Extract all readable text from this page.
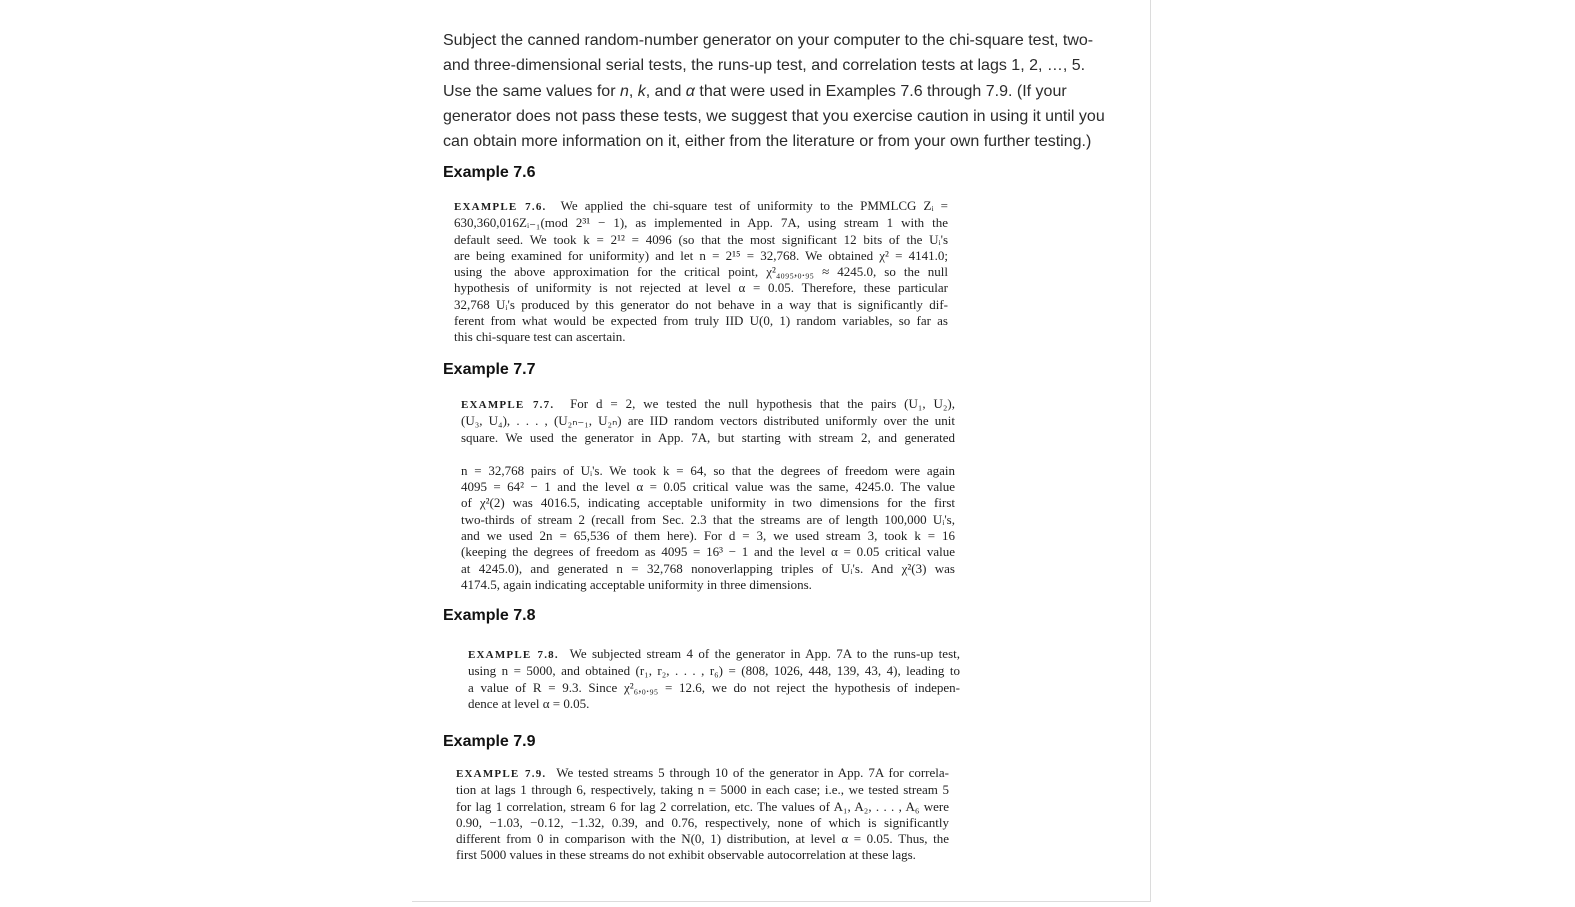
Subject the canned random-number generator on your computer to the chi-square test, two-and three-dimensional serial tests, the runs-up test, and correlation tests at lags 1, 2, …, 5. Use the same values for n, k, and α that were used in Examples 7.6 through 7.9. (If your generator does not pass these tests, we suggest that you exercise caution in using it until you can obtain more information on it, either from the literature or from your own further testing.)

Example 7.6
EXAMPLE 7.6. We applied the chi-square test of uniformity to the PMMLCG Zᵢ =
630,360,016Zᵢ₋₁(mod 2³¹ − 1), as implemented in App. 7A, using stream 1 with the
default seed. We took k = 2¹² = 4096 (so that the most significant 12 bits of the Uᵢ's
are being examined for uniformity) and let n = 2¹⁵ = 32,768. We obtained χ² = 4141.0;
using the above approximation for the critical point, χ²₄₀₉₅,₀.₉₅ ≈ 4245.0, so the null
hypothesis of uniformity is not rejected at level α = 0.05. Therefore, these particular
32,768 Uᵢ's produced by this generator do not behave in a way that is significantly dif-
ferent from what would be expected from truly IID U(0, 1) random variables, so far as
this chi-square test can ascertain.
Example 7.7
EXAMPLE 7.7. For d = 2, we tested the null hypothesis that the pairs (U₁, U₂),
(U₃, U₄), . . . , (U₂ₙ₋₁, U₂ₙ) are IID random vectors distributed uniformly over the unit
square. We used the generator in App. 7A, but starting with stream 2, and generated
n = 32,768 pairs of Uᵢ's. We took k = 64, so that the degrees of freedom were again
4095 = 64² − 1 and the level α = 0.05 critical value was the same, 4245.0. The value
of χ²(2) was 4016.5, indicating acceptable uniformity in two dimensions for the first
two-thirds of stream 2 (recall from Sec. 2.3 that the streams are of length 100,000 Uᵢ's,
and we used 2n = 65,536 of them here). For d = 3, we used stream 3, took k = 16
(keeping the degrees of freedom as 4095 = 16³ − 1 and the level α = 0.05 critical value
at 4245.0), and generated n = 32,768 nonoverlapping triples of Uᵢ's. And χ²(3) was
4174.5, again indicating acceptable uniformity in three dimensions.
Example 7.8
EXAMPLE 7.8. We subjected stream 4 of the generator in App. 7A to the runs-up test,
using n = 5000, and obtained (r₁, r₂, . . . , r₆) = (808, 1026, 448, 139, 43, 4), leading to
a value of R = 9.3. Since χ²₆,₀.₉₅ = 12.6, we do not reject the hypothesis of indepen-
dence at level α = 0.05.
Example 7.9
EXAMPLE 7.9. We tested streams 5 through 10 of the generator in App. 7A for correla-
tion at lags 1 through 6, respectively, taking n = 5000 in each case; i.e., we tested stream 5
for lag 1 correlation, stream 6 for lag 2 correlation, etc. The values of A₁, A₂, . . . , A₆ were
0.90, −1.03, −0.12, −1.32, 0.39, and 0.76, respectively, none of which is significantly
different from 0 in comparison with the N(0, 1) distribution, at level α = 0.05. Thus, the
first 5000 values in these streams do not exhibit observable autocorrelation at these lags.
